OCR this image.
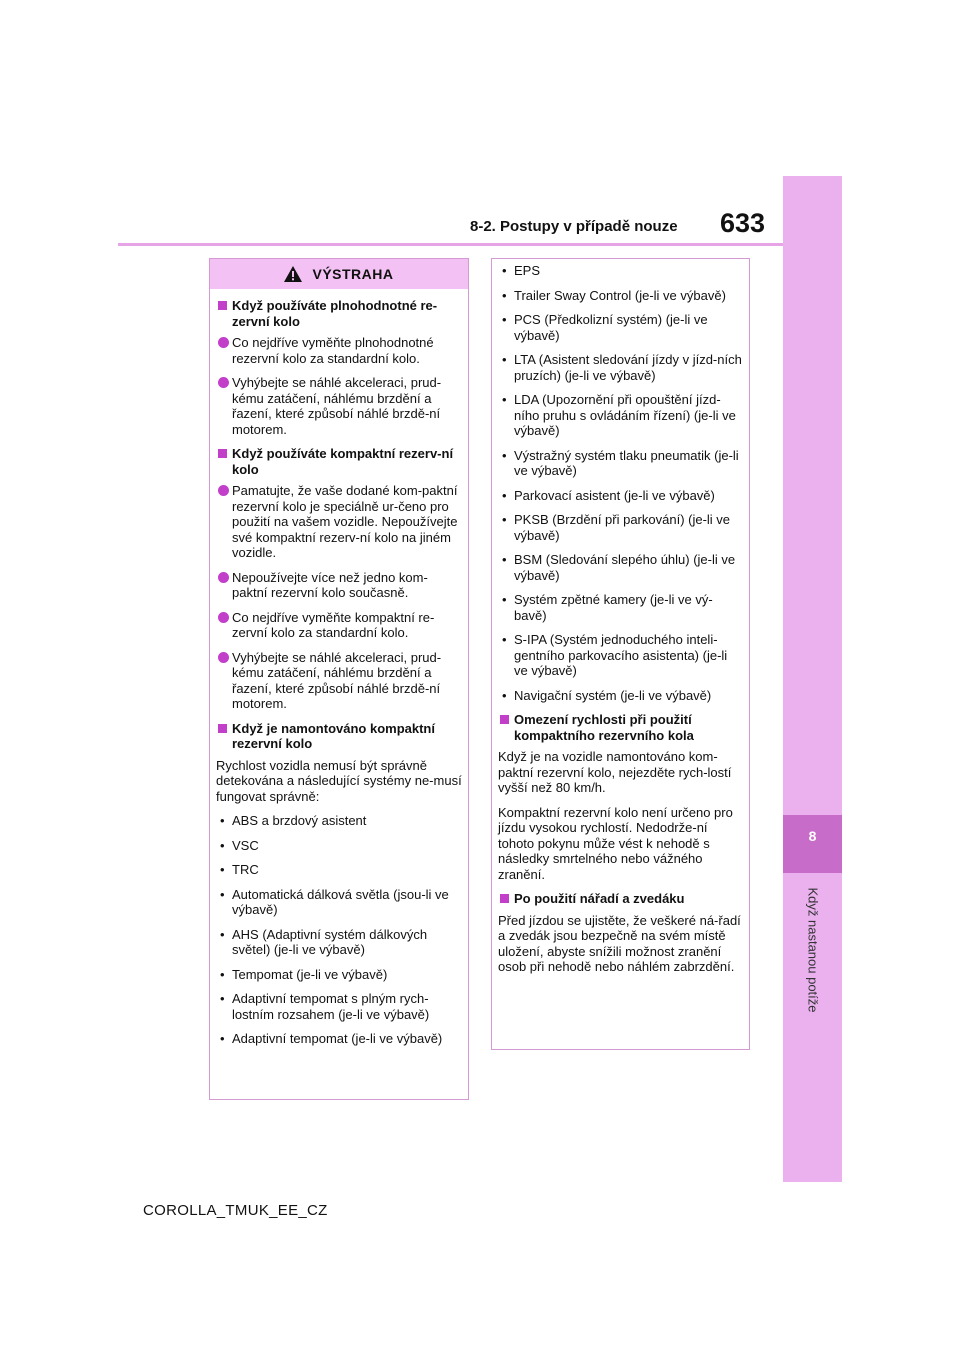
8-2. Postupy v případě nouze 633
8
Když nastanou potíže
VÝSTRAHA
Když používáte plnohodnotné re-zervní kolo
Co nejdříve vyměňte plnohodnotné rezervní kolo za standardní kolo.
Vyhýbejte se náhlé akceleraci, prud-kému zatáčení, náhlému brzdění a řazení, které způsobí náhlé brzdě-ní motorem.
Když používáte kompaktní rezerv-ní kolo
Pamatujte, že vaše dodané kom-paktní rezervní kolo je speciálně ur-čeno pro použití na vašem vozidle. Nepoužívejte své kompaktní rezerv-ní kolo na jiném vozidle.
Nepoužívejte více než jedno kom-paktní rezervní kolo současně.
Co nejdříve vyměňte kompaktní re-zervní kolo za standardní kolo.
Vyhýbejte se náhlé akceleraci, prud-kému zatáčení, náhlému brzdění a řazení, které způsobí náhlé brzdě-ní motorem.
Když je namontováno kompaktní rezervní kolo
Rychlost vozidla nemusí být správně detekována a následující systémy ne-musí fungovat správně:
• ABS a brzdový asistent
• VSC
• TRC
• Automatická dálková světla (jsou-li ve výbavě)
• AHS (Adaptivní systém dálkových světel) (je-li ve výbavě)
• Tempomat (je-li ve výbavě)
• Adaptivní tempomat s plným rych-lostním rozsahem (je-li ve výbavě)
• Adaptivní tempomat (je-li ve výbavě)
• EPS
• Trailer Sway Control (je-li ve výbavě)
• PCS (Předkolizní systém) (je-li ve výbavě)
• LTA (Asistent sledování jízdy v jízd-ních pruzích) (je-li ve výbavě)
• LDA (Upozornění při opouštění jízd-ního pruhu s ovládáním řízení) (je-li ve výbavě)
• Výstražný systém tlaku pneumatik (je-li ve výbavě)
• Parkovací asistent (je-li ve výbavě)
• PKSB (Brzdění při parkování) (je-li ve výbavě)
• BSM (Sledování slepého úhlu) (je-li ve výbavě)
• Systém zpětné kamery (je-li ve vý-bavě)
• S-IPA (Systém jednoduchého inteli-gentního parkovacího asistenta) (je-li ve výbavě)
• Navigační systém (je-li ve výbavě)
Omezení rychlosti při použití kompaktního rezervního kola
Když je na vozidle namontováno kom-paktní rezervní kolo, nejezděte rych-lostí vyšší než 80 km/h.
Kompaktní rezervní kolo není určeno pro jízdu vysokou rychlostí. Nedodrže-ní tohoto pokynu může vést k nehodě s následky smrtelného nebo vážného zranění.
Po použití nářadí a zvedáku
Před jízdou se ujistěte, že veškeré ná-řadí a zvedák jsou bezpečně na svém místě uložení, abyste snížili možnost zranění osob při nehodě nebo náhlém zabrzdění.
COROLLA_TMUK_EE_CZ
